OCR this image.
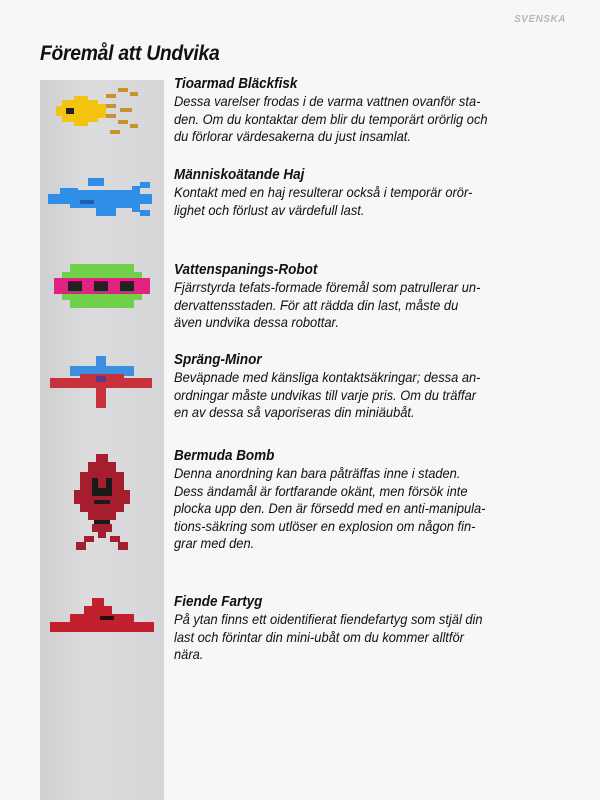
SVENSKA
Föremål att Undvika
Tioarmad Bläckfisk
Dessa varelser frodas i de varma vattnen ovanför sta-
den. Om du kontaktar dem blir du temporärt orörlig och
du förlorar värdesakerna du just insamlat.
Människoätande Haj
Kontakt med en haj resulterar också i temporär orör-
lighet och förlust av värdefull last.
Vattenspanings-Robot
Fjärrstyrda tefats-formade föremål som patrullerar un-
dervattensstaden. För att rädda din last, måste du
även undvika dessa robottar.
Spräng-Minor
Beväpnade med känsliga kontaktsäkringar; dessa an-
ordningar måste undvikas till varje pris. Om du träffar
en av dessa så vaporiseras din miniäubåt.
Bermuda Bomb
Denna anordning kan bara påträffas inne i staden.
Dess ändamål är fortfarande okänt, men försök inte
plocka upp den. Den är försedd med en anti-manipula-
tions-säkring som utlöser en explosion om någon fin-
grar med den.
Fiende Fartyg
På ytan finns ett oidentifierat fiendefartyg som stjäl din
last och förintar din mini-ubåt om du kommer alltför
nära.
